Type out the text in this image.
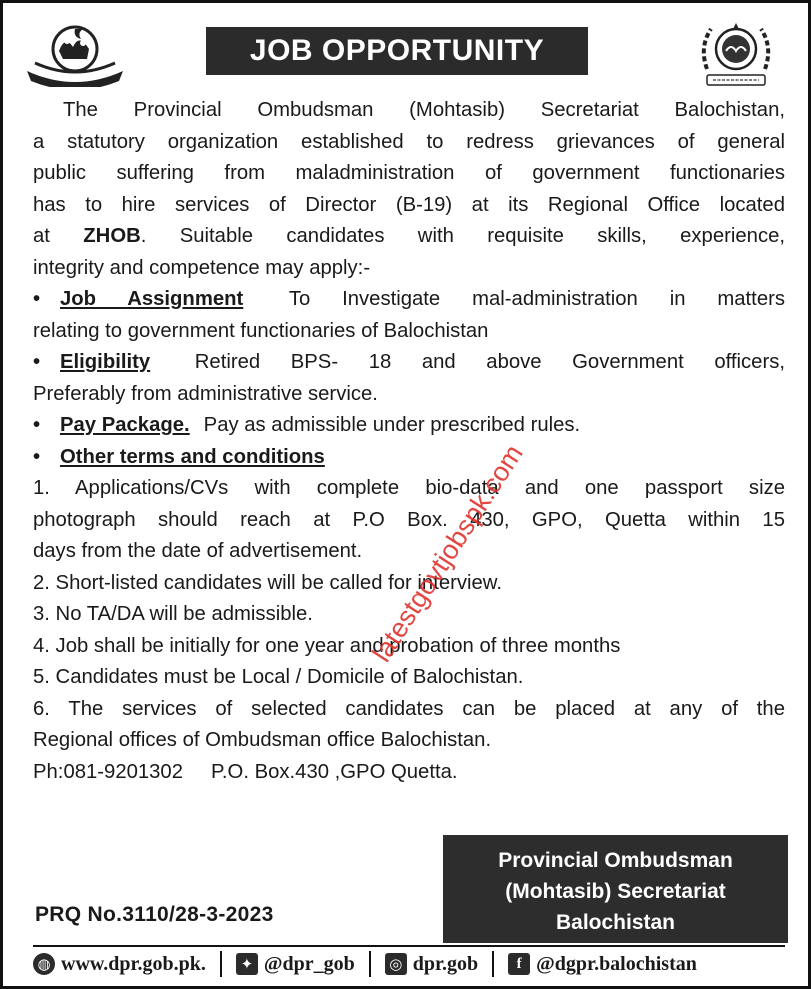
JOB OPPORTUNITY

The Provincial Ombudsman (Mohtasib) Secretariat Balochistan,

a statutory organization established to redress grievances of general

public suffering from maladministration of government functionaries

has to hire services of Director (B-19) at its Regional Office located

at ZHOB. Suitable candidates with requisite skills, experience,

integrity and competence may apply:-

• Job Assignment To Investigate mal-administration in matters

relating to government functionaries of Balochistan

• Eligibility Retired BPS- 18 and above Government officers,

Preferably from administrative service.

• Pay Package. Pay as admissible under prescribed rules.

• Other terms and conditions

1. Applications/CVs with complete bio-data and one passport size

photograph should reach at P.O Box. 430, GPO, Quetta within 15

days from the date of advertisement.

2. Short-listed candidates will be called for interview.

3. No TA/DA will be admissible.

4. Job shall be initially for one year and probation of three months

5. Candidates must be Local / Domicile of Balochistan.

6. The services of selected candidates can be placed at any of the

Regional offices of Ombudsman office Balochistan.

Ph:081-9201302 P.O. Box.430 ,GPO Quetta.
latestgovtjobspk.com
PRQ No.3110/28-3-2023
Provincial Ombudsman
(Mohtasib) Secretariat
Balochistan
◍ www.dpr.gob.pk.	✦ @dpr_gob ◎ dpr.gob	f @dgpr.balochistan
